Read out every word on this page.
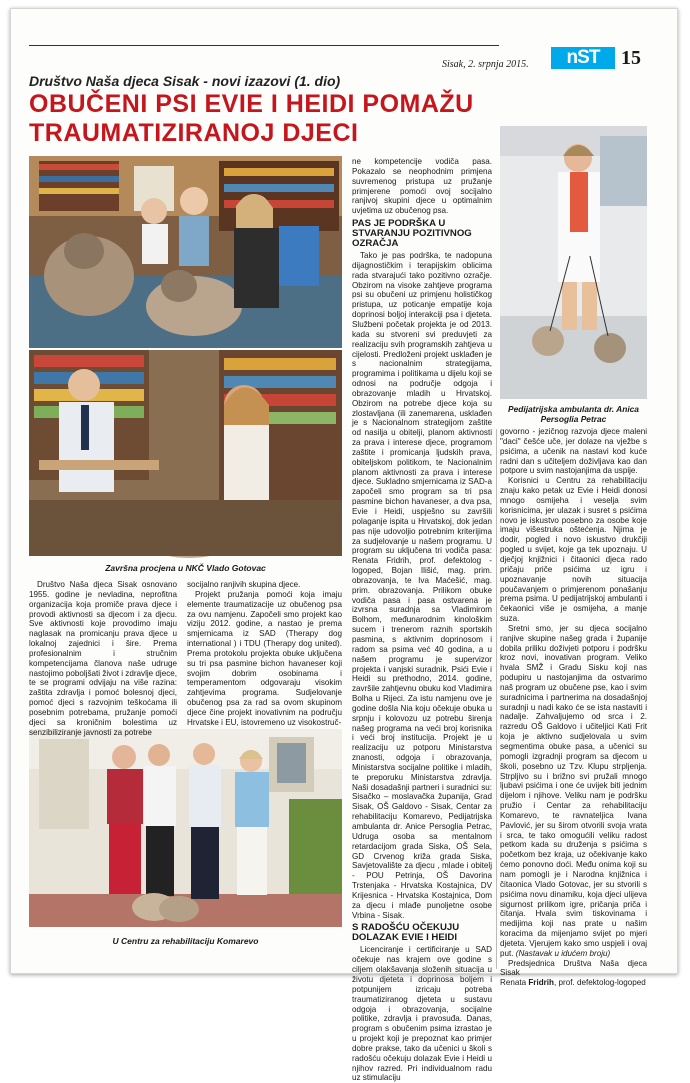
Sisak, 2. srpnja 2015.	nST	15
Društvo Naša djeca Sisak - novi izazovi (1. dio)
OBUČENI PSI EVIE I HEIDI POMAŽU TRAUMATIZIRANOJ DJECI
Završna procjena u NKČ Vlado Gotovac
U Centru za rehabilitaciju Komarevo
Pedijatrijska ambulanta dr. Anica Persoglia Petrac

Društvo Naša djeca Sisak osnovano 1955. godine je nevladina, neprofitna organizacija koja promiče prava djece i provodi aktivnosti sa djecom i za djecu. Sve aktivnosti koje provodimo imaju naglasak na promicanju prava djece u lokalnoj zajednici i šire. Prema profesionalnim i stručnim kompetencijama članova naše udruge nastojimo poboljšati život i zdravlje djece, te se programi odvijaju na više razina: zaštita zdravlja i pomoć bolesnoj djeci, pomoć djeci s razvojnim teškoćama ili posebnim potrebama, pružanje pomoći djeci sa kroničnim bolestima uz senzibiliziranje javnosti za potrebe

socijalno ranjivih skupina djece.

Projekt pružanja pomoći koja imaju elemente traumatizacije uz obučenog psa za ovu namjenu. Započeli smo projekt kao viziju 2012. godine, a nastao je prema smjernicama iz SAD (Therapy dog international ) i TDU (Therapy dog united). Prema protokolu projekta obuke uključena su tri psa pasmine bichon havaneser koji svojim dobrim osobinama i temperamentom odgovaraju visokim zahtjevima programa. Sudjelovanje obučenog psa za rad sa ovom skupinom djece čine projekt inovativnim na području Hrvatske i EU, istovremeno uz visokostruč-

ne kompetencije vodiča pasa. Pokazalo se neophodnim primjena suvremenog pristupa uz pružanje primjerene pomoći ovoj socijalno ranjivoj skupini djece u optimalnim uvjetima uz obučenog psa.

PAS JE PODRŠKA U STVARANJU POZITIVNOG OZRAČJA

Tako je pas podrška, te nadopuna dijagnostičkim i terapijskim oblicima rada stvarajući tako pozitivno ozračje. Obzirom na visoke zahtjeve programa psi su obučeni uz primjenu holističkog pristupa, uz poticanje empatije koja doprinosi boljoj interakciji psa i djeteta. Službeni početak projekta je od 2013. kada su stvoreni svi preduvjeti za realizaciju svih programskih zahtjeva u cijelosti. Predloženi projekt usklađen je s nacionalnim strategijama, programima i politikama u dijelu koji se odnosi na područje odgoja i obrazovanje mladih u Hrvatskoj. Obzirom na potrebe djece koja su zlostavljana (ili zanemarena, usklađen je s Nacionalnom strategijom zaštite od nasilja u obitelji, planom aktivnosti za prava i interese djece, programom zaštite i promicanja ljudskih prava, obiteljskom politikom, te Nacionalnim planom aktivnosti za prava i interese djece. Sukladno smjernicama iz SAD-a započeli smo program sa tri psa pasmine bichon havaneser, a dva psa, Evie i Heidi, uspješno su završili polaganje ispita u Hrvatskoj, dok jedan pas nije udovoljio potrebnim kriterijima za sudjelovanje u našem programu. U program su uključena tri vodiča pasa: Renata Fridrih, prof. defektolog - logoped, Bojan Ilišić, mag. prim. obrazovanja, te Iva Maćešić, mag. prim. obrazovanja. Prilikom obuke vodiča pasa i pasa ostvarena je izvrsna suradnja sa Vladimirom Bolhom, međunarodnim kinološkim sucem i trenerom raznih sportskih pasmina, s aktivnim doprinosom i radom sa psima već 40 godina, a u našem programu je supervizor projekta i vanjski suradnik. Psići Evie i Heidi su prethodno, 2014. godine, završile zahtjevnu obuku kod Vladimira Bolha u Rijeci. Za istu namjenu ove je godine došla Nia koju očekuje obuka u srpnju i kolovozu uz potrebu širenja našeg programa na veći broj korisnika i veći broj institucija. Projekt je u realizaciju uz potporu Ministarstva znanosti, odgoja i obrazovanja, Ministarstva socijalne politike i mladih, te preporuku Ministarstva zdravlja. Naši dosadašnji partneri i suradnici su: Sisačko – moslavačka županija, Grad Sisak, OŠ Galdovo - Sisak, Centar za rehabilitaciju Komarevo, Pedijatrijska ambulanta dr. Anice Persoglia Petrac, Udruga osoba sa mentalnom retardacijom grada Siska, OŠ Sela, GD Crvenog križa grada Siska, Savjetovalište za djecu , mlade i obitelj - POU Petrinja, OŠ Davorina Trstenjaka - Hrvatska Kostajnica, DV Krijesnica - Hrvatska Kostajnica, Dom za djecu i mlađe punoljetne osobe Vrbina - Sisak.

S RADOŠĆU OČEKUJU DOLAZAK EVIE I HEIDI

Licenciranje i certificiranje u SAD očekuje nas krajem ove godine s ciljem olakšavanja složenih situacija u životu djeteta i doprinosa boljem i potpunijem izricaju potreba traumatiziranog djeteta u sustavu odgoja i obrazovanja, socijalne politike, zdravlja i pravosuđa. Danas, program s obučenim psima izrastao je u projekt koji je prepoznat kao primjer dobre prakse, tako da učenici u školi s radošću očekuju dolazak Evie i Heidi u njihov razred. Pri individualnom radu uz stimulaciju

govorno - jezičnog razvoja djece maleni "daci" češće uče, jer dolaze na vježbe s psićima, a učenik na nastavi kod kuće radni dan s učiteljem doživljava kao dan potpore u svim nastojanjima da uspije.

Korisnici u Centru za rehabilitaciju znaju kako petak uz Evie i Heidi donosi mnogo osmijeha i veselja svim korisnicima, jer ulazak i susret s psićima novo je iskustvo posebno za osobe koje imaju višestruka oštećenja. Njima je dodir, pogled i novo iskustvo drukčiji pogled u svijet, koje ga tek upoznaju. U dječjoj knjižnici i čitaonici djeca rado pričaju priče psićima uz igru i upoznavanje novih situacija poučavanjem o primjerenom ponašanju prema psima. U pedijatrijskoj ambulanti i čekaonici više je osmijeha, a manje suza.

Sretni smo, jer su djeca socijalno ranjive skupine našeg grada i županije dobila priliku doživjeti potporu i podršku kroz novi, inovativan program. Veliko hvala SMŽ i Gradu Sisku koji nas podupiru u nastojanjima da ostvarimo naš program uz obučene pse, kao i svim suradnicima i partnerima na dosadašnjoj suradnji u nadi kako će se ista nastaviti i nadalje. Zahvaljujemo od srca i 2. razredu OŠ Galdovo i učiteljici Kati Frit koja je aktivno sudjelovala u svim segmentima obuke pasa, a učenici su pomogli izgradnji program sa djecom u školi, posebno uz Tzv. Klupu strpljenja. Strpljivo su i brižno svi pružali mnogo ljubavi psićima i one će uvijek biti jednim dijelom i njihove. Veliku nam je podršku pružio i Centar za rehabilitaciju Komarevo, te ravnateljica Ivana Pavlović, jer su širom otvorili svoja vrata i srca, te tako omogućili veliku radost petkom kada su druženja s psićima s početkom bez kraja, uz očekivanje kako ćemo ponovno doći. Među onima koji su nam pomogli je i Narodna knjižnica i čitaonica Vlado Gotovac, jer su stvorili s psićima novu dinamiku, koja djeci ulijeva sigurnost prilikom igre, pričanja priča i čitanja. Hvala svim tiskovinama i medijima koji nas prate u našim koracima da mijenjamo svijet po mjeri djeteta. Vjerujem kako smo uspjeli i ovaj put. (Nastavak u idućem broju)

Predsjednica Društva Naša djeca Sisak

Renata Fridrih, prof. defektolog-logoped
